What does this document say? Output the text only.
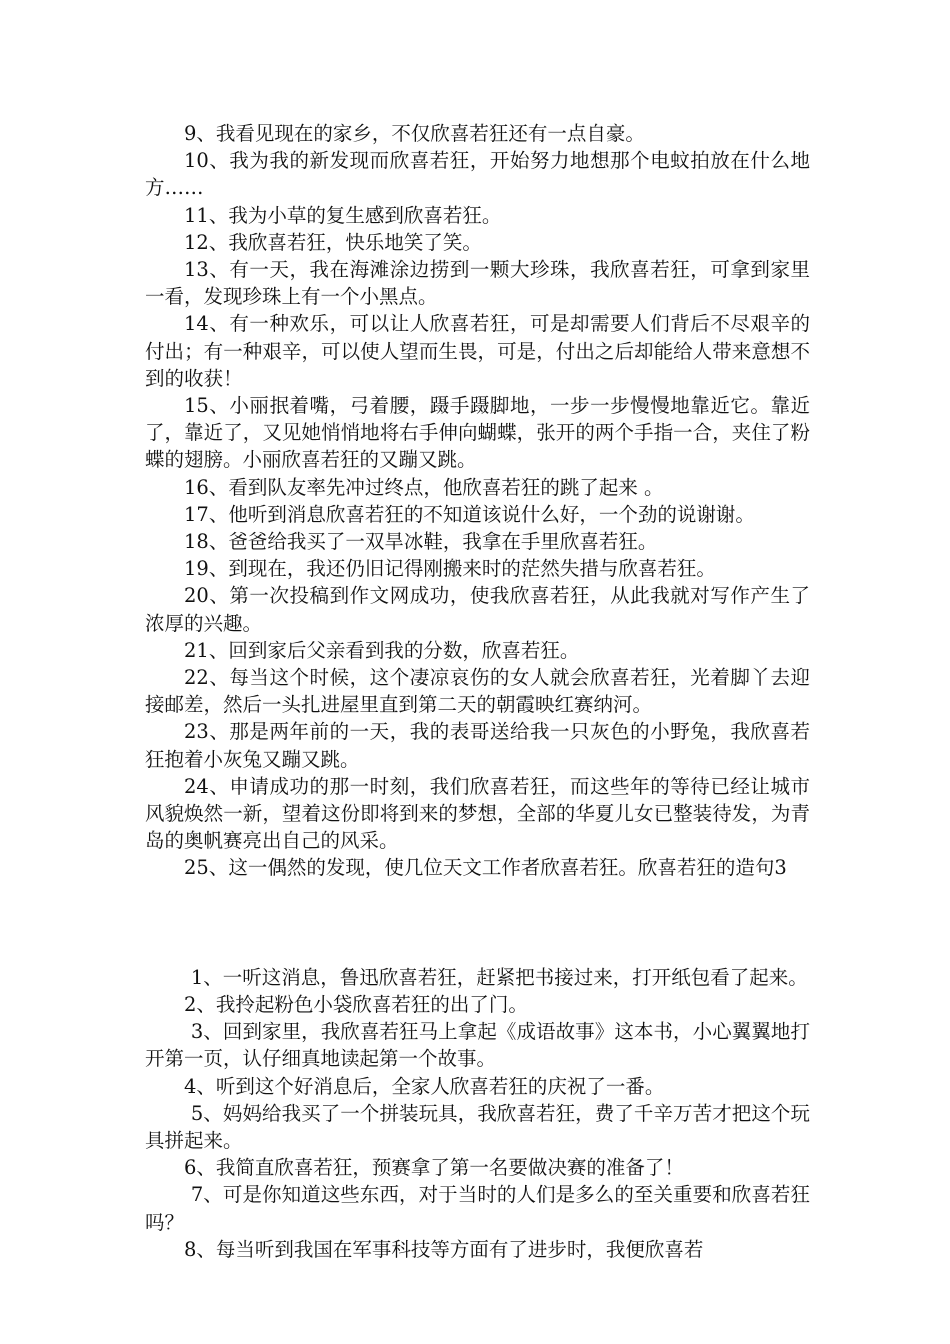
9、我看见现在的家乡，不仅欣喜若狂还有一点自豪。

10、我为我的新发现而欣喜若狂，开始努力地想那个电蚊拍放在什么地方……

11、我为小草的复生感到欣喜若狂。

12、我欣喜若狂，快乐地笑了笑。

13、有一天，我在海滩涂边捞到一颗大珍珠，我欣喜若狂，可拿到家里一看，发现珍珠上有一个小黑点。

14、有一种欢乐，可以让人欣喜若狂，可是却需要人们背后不尽艰辛的付出；有一种艰辛，可以使人望而生畏，可是，付出之后却能给人带来意想不到的收获！

15、小丽抿着嘴，弓着腰，蹑手蹑脚地，一步一步慢慢地靠近它。靠近了，靠近了，又见她悄悄地将右手伸向蝴蝶，张开的两个手指一合，夹住了粉蝶的翅膀。小丽欣喜若狂的又蹦又跳。

16、看到队友率先冲过终点，他欣喜若狂的跳了起来 。

17、他听到消息欣喜若狂的不知道该说什么好，一个劲的说谢谢。

18、爸爸给我买了一双旱冰鞋，我拿在手里欣喜若狂。

19、到现在，我还仍旧记得刚搬来时的茫然失措与欣喜若狂。

20、第一次投稿到作文网成功，使我欣喜若狂，从此我就对写作产生了浓厚的兴趣。

21、回到家后父亲看到我的分数，欣喜若狂。

22、每当这个时候，这个凄凉哀伤的女人就会欣喜若狂，光着脚丫去迎接邮差，然后一头扎进屋里直到第二天的朝霞映红赛纳河。

23、那是两年前的一天，我的表哥送给我一只灰色的小野兔，我欣喜若狂抱着小灰兔又蹦又跳。

24、申请成功的那一时刻，我们欣喜若狂，而这些年的等待已经让城市风貌焕然一新，望着这份即将到来的梦想，全部的华夏儿女已整装待发，为青岛的奥帆赛亮出自己的风采。

25、这一偶然的发现，使几位天文工作者欣喜若狂。欣喜若狂的造句3

1、一听这消息，鲁迅欣喜若狂，赶紧把书接过来，打开纸包看了起来。

2、我拎起粉色小袋欣喜若狂的出了门。

3、回到家里，我欣喜若狂马上拿起《成语故事》这本书，小心翼翼地打开第一页，认仔细真地读起第一个故事。

4、听到这个好消息后，全家人欣喜若狂的庆祝了一番。

5、妈妈给我买了一个拼装玩具，我欣喜若狂，费了千辛万苦才把这个玩具拼起来。

6、我简直欣喜若狂，预赛拿了第一名要做决赛的准备了！

7、可是你知道这些东西，对于当时的人们是多么的至关重要和欣喜若狂吗？

8、每当听到我国在军事科技等方面有了进步时，我便欣喜若
